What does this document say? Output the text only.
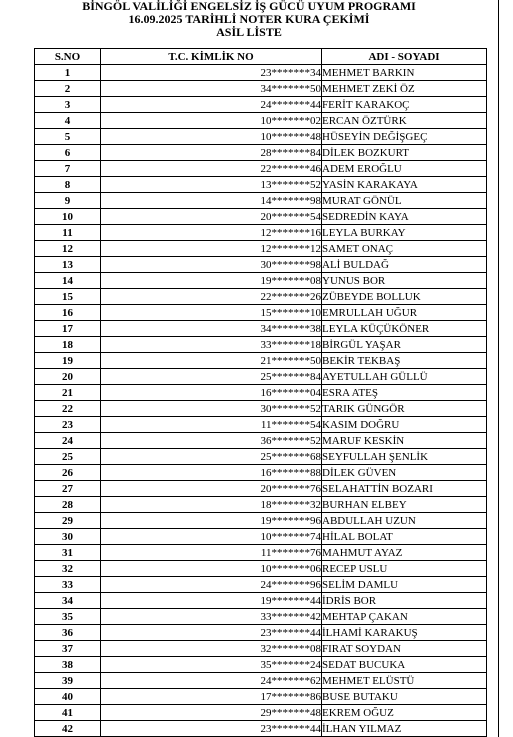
BİNGÖL VALİLİĞİ ENGELSİZ İŞ GÜCÜ UYUM PROGRAMI
16.09.2025 TARİHLİ NOTER KURA ÇEKİMİ
ASİL LİSTE
S.NO	T.C. KİMLİK NO	ADI - SOYADI
1	23*******34	MEHMET BARKIN
2	34*******50	MEHMET ZEKİ ÖZ
3	24*******44	FERİT KARAKOÇ
4	10*******02	ERCAN ÖZTÜRK
5	10*******48	HÜSEYİN DEĞİŞGEÇ
6	28*******84	DİLEK BOZKURT
7	22*******46	ADEM EROĞLU
8	13*******52	YASİN KARAKAYA
9	14*******98	MURAT GÖNÜL
10	20*******54	SEDREDİN KAYA
11	12*******16	LEYLA BURKAY
12	12*******12	SAMET ONAÇ
13	30*******98	ALİ BULDAĞ
14	19*******08	YUNUS BOR
15	22*******26	ZÜBEYDE BOLLUK
16	15*******10	EMRULLAH UĞUR
17	34*******38	LEYLA KÜÇÜKÖNER
18	33*******18	BİRGÜL YAŞAR
19	21*******50	BEKİR TEKBAŞ
20	25*******84	AYETULLAH GÜLLÜ
21	16*******04	ESRA ATEŞ
22	30*******52	TARIK GÜNGÖR
23	11*******54	KASIM DOĞRU
24	36*******52	MARUF KESKİN
25	25*******68	SEYFULLAH ŞENLİK
26	16*******88	DİLEK GÜVEN
27	20*******76	SELAHATTİN BOZARI
28	18*******32	BURHAN ELBEY
29	19*******96	ABDULLAH UZUN
30	10*******74	HİLAL BOLAT
31	11*******76	MAHMUT AYAZ
32	10*******06	RECEP USLU
33	24*******96	SELİM DAMLU
34	19*******44	İDRİS BOR
35	33*******42	MEHTAP ÇAKAN
36	23*******44	İLHAMİ KARAKUŞ
37	32*******08	FIRAT SOYDAN
38	35*******24	SEDAT BUCUKA
39	24*******62	MEHMET ELÜSTÜ
40	17*******86	BUSE BUTAKU
41	29*******48	EKREM OĞUZ
42	23*******44	İLHAN YILMAZ
